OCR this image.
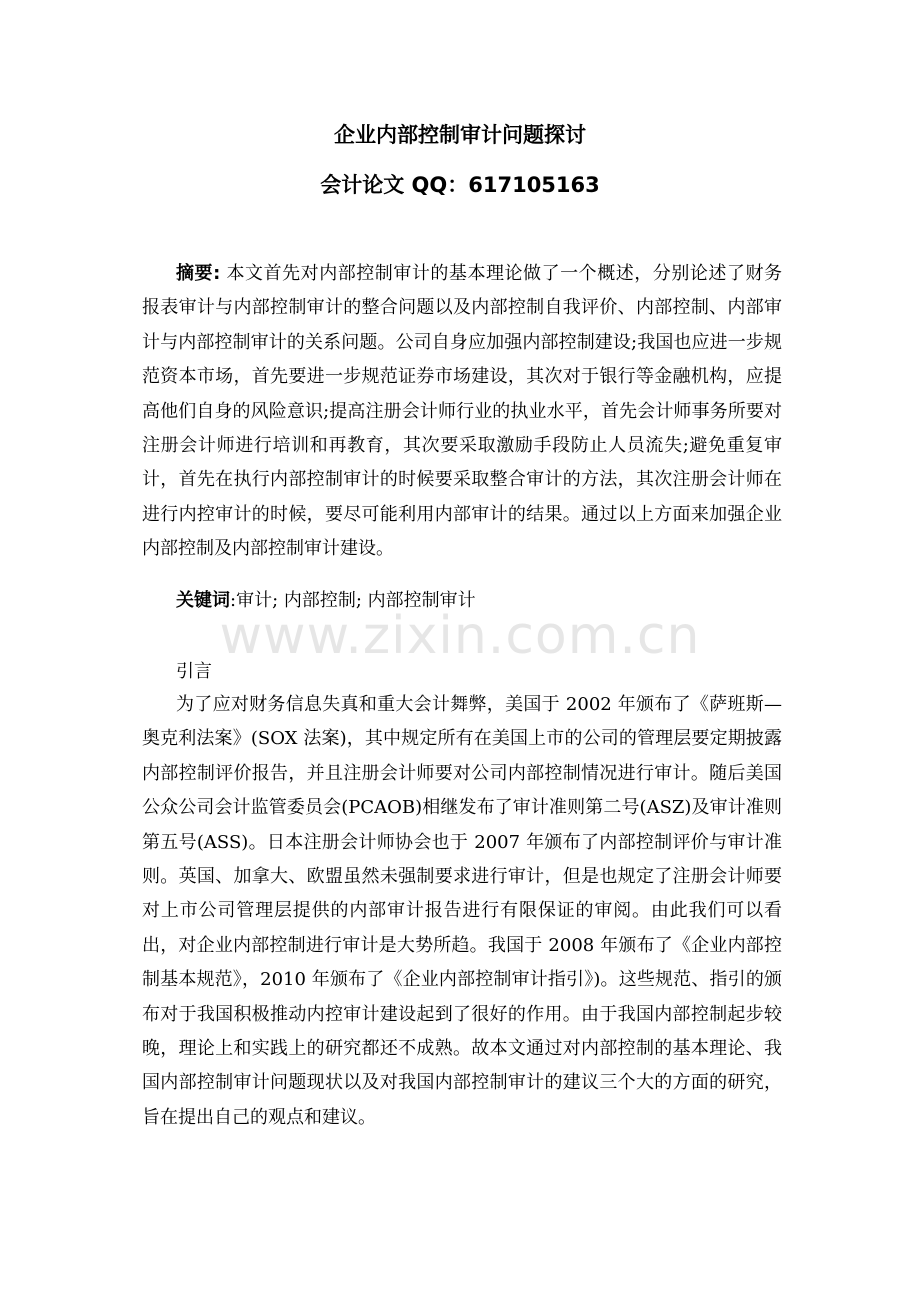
企业内部控制审计问题探讨
会计论文 QQ：617105163

摘要: 本文首先对内部控制审计的基本理论做了一个概述，分别论述了财务报表审计与内部控制审计的整合问题以及内部控制自我评价、内部控制、内部审计与内部控制审计的关系问题。公司自身应加强内部控制建设;我国也应进一步规范资本市场，首先要进一步规范证券市场建设，其次对于银行等金融机构，应提高他们自身的风险意识;提高注册会计师行业的执业水平，首先会计师事务所要对注册会计师进行培训和再教育，其次要采取激励手段防止人员流失;避免重复审计，首先在执行内部控制审计的时候要采取整合审计的方法，其次注册会计师在进行内控审计的时候，要尽可能利用内部审计的结果。通过以上方面来加强企业内部控制及内部控制审计建设。

关键词:审计; 内部控制; 内部控制审计

www.zixin.com.cn

引言

为了应对财务信息失真和重大会计舞弊，美国于 2002 年颁布了《萨班斯—奥克利法案》(SOX 法案)，其中规定所有在美国上市的公司的管理层要定期披露内部控制评价报告，并且注册会计师要对公司内部控制情况进行审计。随后美国公众公司会计监管委员会(PCAOB)相继发布了审计准则第二号(ASZ)及审计准则第五号(ASS)。日本注册会计师协会也于 2007 年颁布了内部控制评价与审计准则。英国、加拿大、欧盟虽然未强制要求进行审计，但是也规定了注册会计师要对上市公司管理层提供的内部审计报告进行有限保证的审阅。由此我们可以看出，对企业内部控制进行审计是大势所趋。我国于 2008 年颁布了《企业内部控制基本规范》，2010 年颁布了《企业内部控制审计指引》)。这些规范、指引的颁布对于我国积极推动内控审计建设起到了很好的作用。由于我国内部控制起步较晚，理论上和实践上的研究都还不成熟。故本文通过对内部控制的基本理论、我国内部控制审计问题现状以及对我国内部控制审计的建议三个大的方面的研究，旨在提出自己的观点和建议。
